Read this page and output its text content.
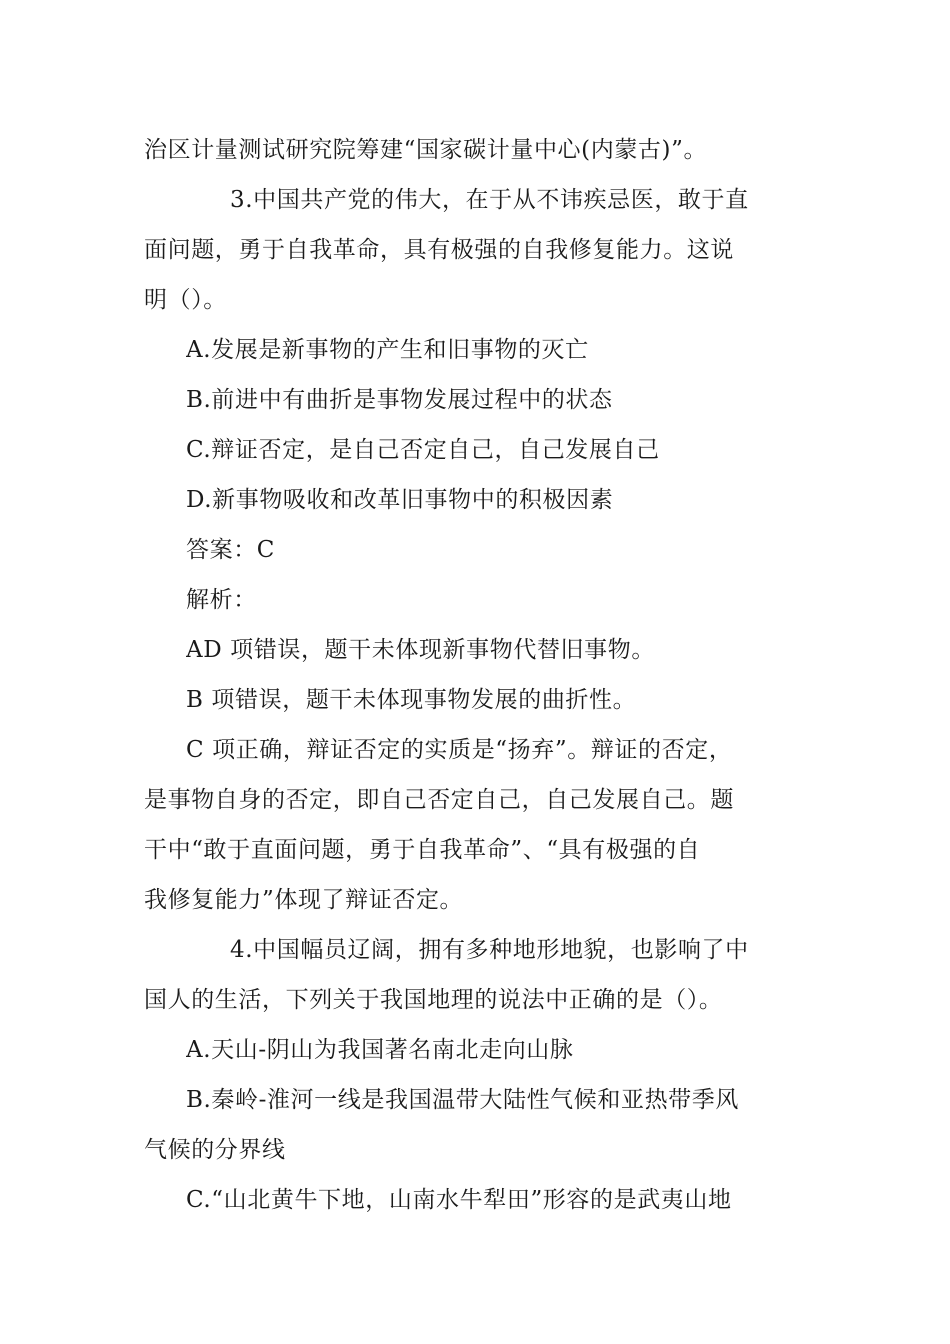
治区计量测试研究院筹建“国家碳计量中心(内蒙古)”。
3.中国共产党的伟大，在于从不讳疾忌医，敢于直
面问题，勇于自我革命，具有极强的自我修复能力。这说
明（）。
A.发展是新事物的产生和旧事物的灭亡
B.前进中有曲折是事物发展过程中的状态
C.辩证否定，是自己否定自己，自己发展自己
D.新事物吸收和改革旧事物中的积极因素
答案：C
解析：
AD 项错误，题干未体现新事物代替旧事物。
B 项错误，题干未体现事物发展的曲折性。
C 项正确，辩证否定的实质是“扬弃”。辩证的否定，
是事物自身的否定，即自己否定自己，自己发展自己。题
干中“敢于直面问题，勇于自我革命”、“具有极强的自
我修复能力”体现了辩证否定。
4.中国幅员辽阔，拥有多种地形地貌，也影响了中
国人的生活，下列关于我国地理的说法中正确的是（）。
A.天山-阴山为我国著名南北走向山脉
B.秦岭-淮河一线是我国温带大陆性气候和亚热带季风
气候的分界线
C.“山北黄牛下地，山南水牛犁田”形容的是武夷山地
